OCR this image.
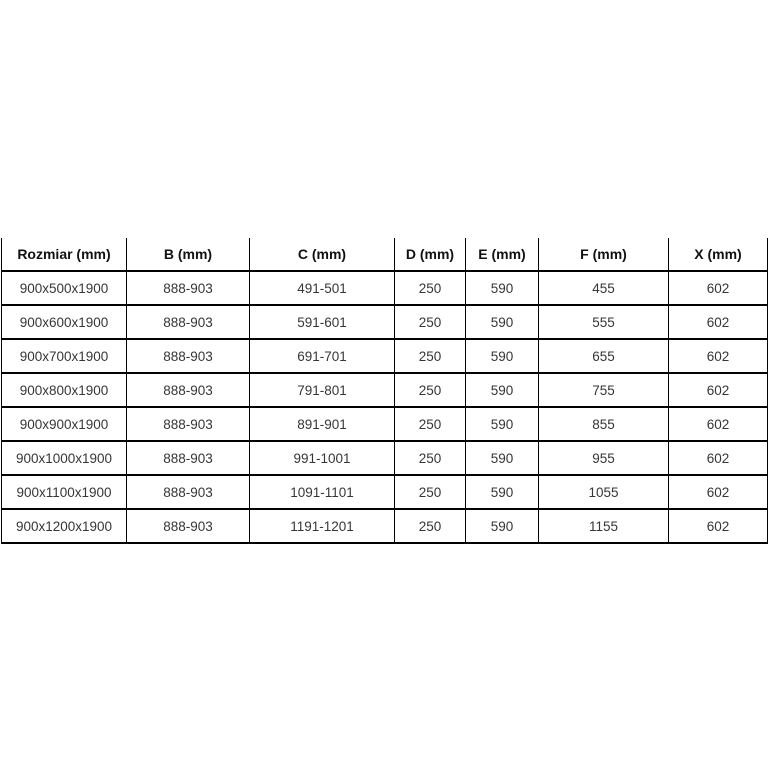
Rozmiar (mm)	B (mm)	C (mm)	D (mm)	E (mm)	F (mm)	X (mm)
900x500x1900	888-903	491-501	250	590	455	602
900x600x1900	888-903	591-601	250	590	555	602
900x700x1900	888-903	691-701	250	590	655	602
900x800x1900	888-903	791-801	250	590	755	602
900x900x1900	888-903	891-901	250	590	855	602
900x1000x1900	888-903	991-1001	250	590	955	602
900x1100x1900	888-903	1091-1101	250	590	1055	602
900x1200x1900	888-903	1191-1201	250	590	1155	602
